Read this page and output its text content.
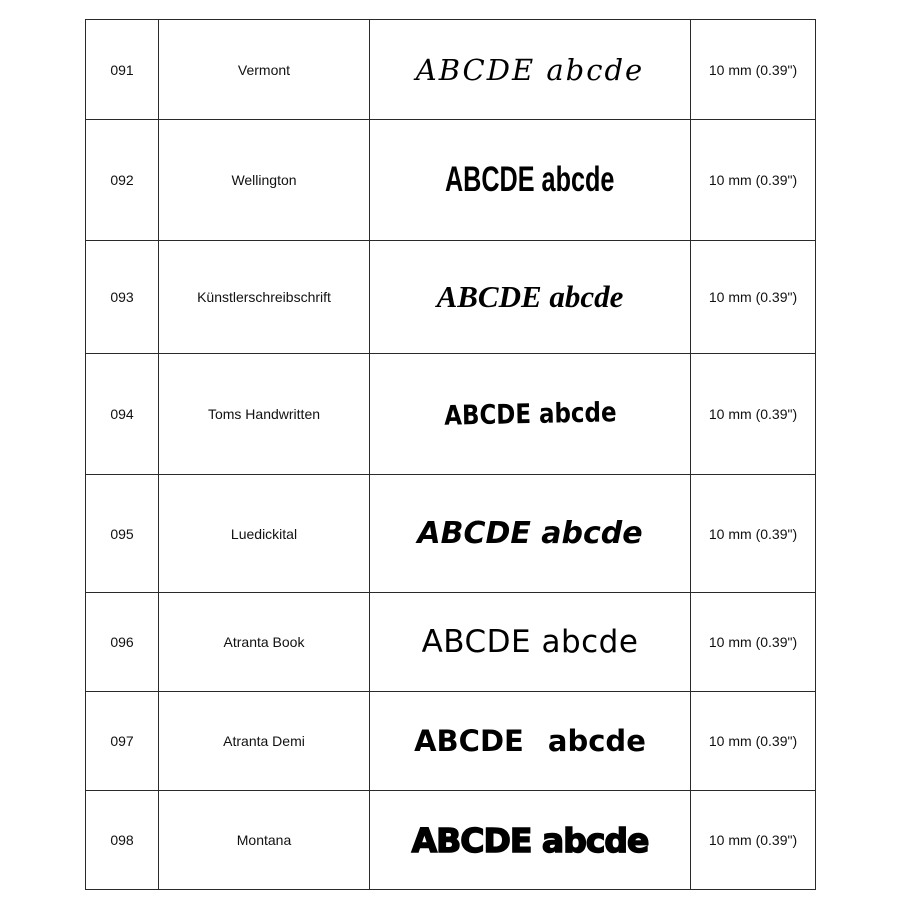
091	Vermont	ABCDE abcde	10 mm (0.39")
092	Wellington	ABCDE abcde	10 mm (0.39")
093	Künstlerschreibschrift	ABCDE abcde	10 mm (0.39")
094	Toms Handwritten	ABCDE abcde	10 mm (0.39")
095	Luedickital	ABCDE abcde	10 mm (0.39")
096	Atranta Book	ABCDE abcde	10 mm (0.39")
097	Atranta Demi	ABCDE abcde	10 mm (0.39")
098	Montana	ABCDE abcde	10 mm (0.39")
